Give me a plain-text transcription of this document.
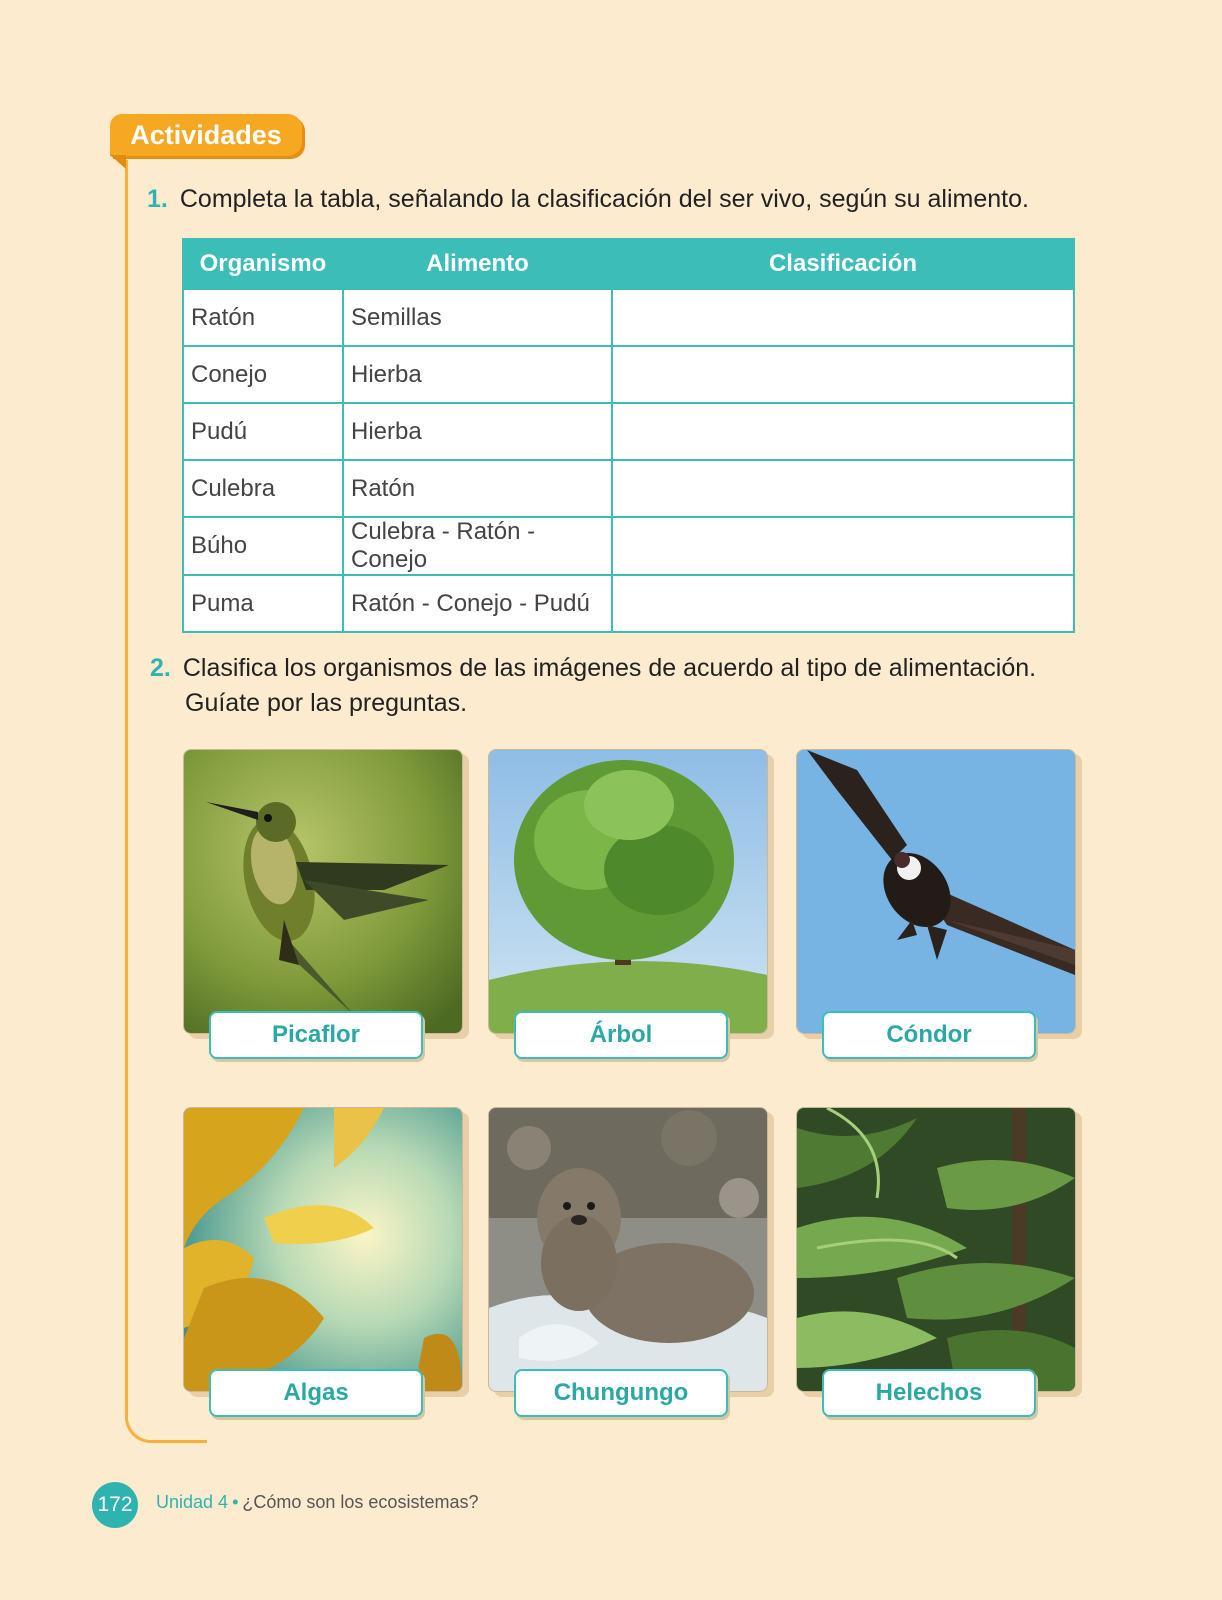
Actividades
1. Completa la tabla, señalando la clasificación del ser vivo, según su alimento.
Organismo	Alimento	Clasificación
Ratón	Semillas	
Conejo	Hierba	
Pudú	Hierba	
Culebra	Ratón	
Búho	Culebra - Ratón -Conejo	
Puma	Ratón - Conejo - Pudú	
2. Clasifica los organismos de las imágenes de acuerdo al tipo de alimentación.
Guíate por las preguntas.
Picaflor	Árbol	Cóndor
Algas	Chungungo	Helechos
172	Unidad 4 • ¿Cómo son los ecosistemas?
